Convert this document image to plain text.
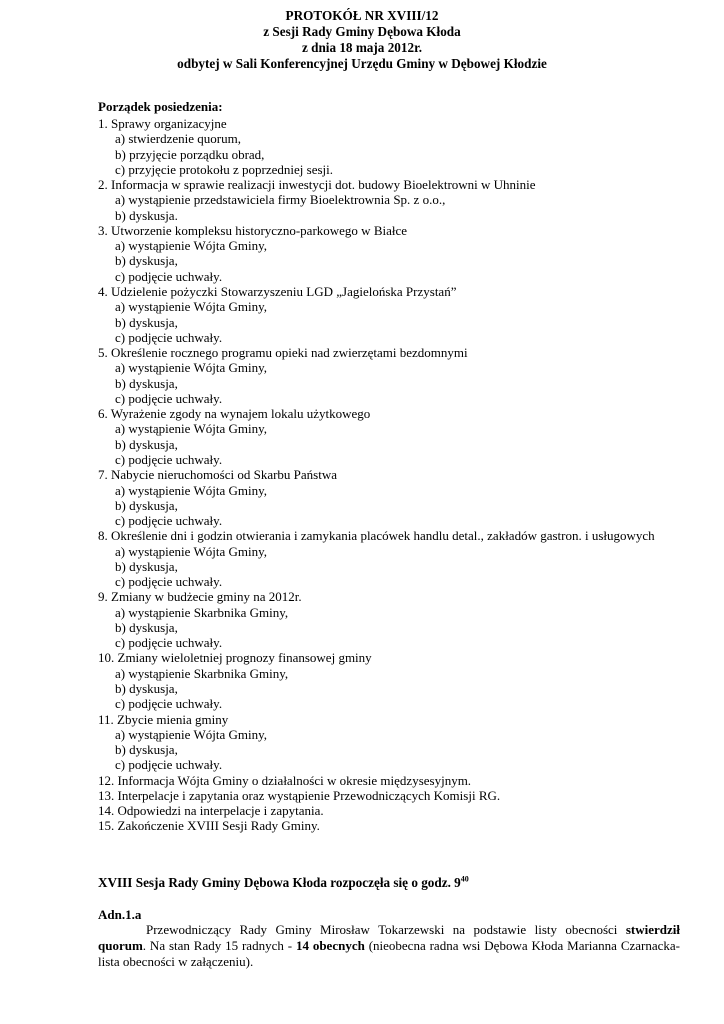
PROTOKÓŁ NR XVIII/12
z Sesji Rady Gminy Dębowa Kłoda
z dnia 18 maja 2012r.
odbytej w Sali Konferencyjnej Urzędu Gminy w Dębowej Kłodzie
Porządek posiedzenia:
1. Sprawy organizacyjne
a) stwierdzenie quorum,
b) przyjęcie porządku obrad,
c) przyjęcie protokołu z poprzedniej sesji.
2. Informacja w sprawie realizacji inwestycji dot. budowy Bioelektrowni w Uhninie
a) wystąpienie przedstawiciela firmy Bioelektrownia Sp. z o.o.,
b) dyskusja.
3. Utworzenie kompleksu historyczno-parkowego w Białce
a) wystąpienie Wójta Gminy,
b) dyskusja,
c) podjęcie uchwały.
4. Udzielenie pożyczki Stowarzyszeniu LGD „Jagielońska Przystań”
a) wystąpienie Wójta Gminy,
b) dyskusja,
c) podjęcie uchwały.
5. Określenie rocznego programu opieki nad zwierzętami bezdomnymi
a) wystąpienie Wójta Gminy,
b) dyskusja,
c) podjęcie uchwały.
6. Wyrażenie zgody na wynajem lokalu użytkowego
a) wystąpienie Wójta Gminy,
b) dyskusja,
c) podjęcie uchwały.
7. Nabycie nieruchomości od Skarbu Państwa
a) wystąpienie Wójta Gminy,
b) dyskusja,
c) podjęcie uchwały.
8. Określenie dni i godzin otwierania i zamykania placówek handlu detal., zakładów gastron. i usługowych
a) wystąpienie Wójta Gminy,
b) dyskusja,
c) podjęcie uchwały.
9. Zmiany w budżecie gminy na 2012r.
a) wystąpienie Skarbnika Gminy,
b) dyskusja,
c) podjęcie uchwały.
10. Zmiany wieloletniej prognozy finansowej gminy
a) wystąpienie Skarbnika Gminy,
b) dyskusja,
c) podjęcie uchwały.
11. Zbycie mienia gminy
a) wystąpienie Wójta Gminy,
b) dyskusja,
c) podjęcie uchwały.
12. Informacja Wójta Gminy o działalności w okresie międzysesyjnym.
13. Interpelacje i zapytania oraz wystąpienie Przewodniczących Komisji RG.
14. Odpowiedzi na interpelacje i zapytania.
15. Zakończenie XVIII Sesji Rady Gminy.
XVIII Sesja Rady Gminy Dębowa Kłoda rozpoczęła się o godz. $9^{40}$
Adn.1.a
Przewodniczący Rady Gminy Mirosław Tokarzewski na podstawie listy obecności stwierdził quorum. Na stan Rady 15 radnych - 14 obecnych (nieobecna radna wsi Dębowa Kłoda Marianna Czarnacka- lista obecności w załączeniu).
